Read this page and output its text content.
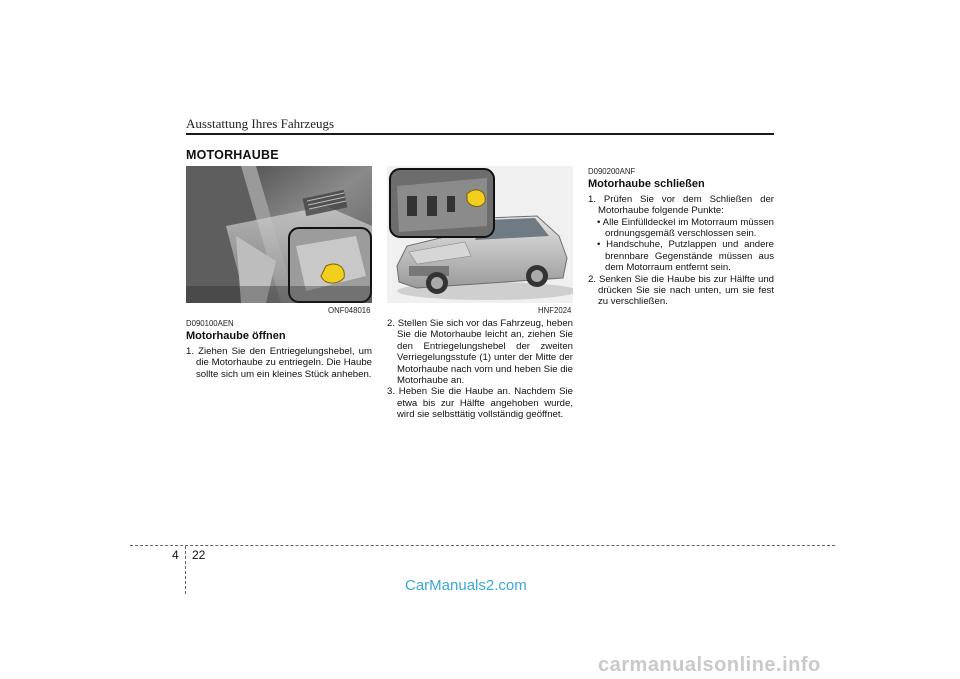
Ausstattung Ihres Fahrzeugs
MOTORHAUBE
ONF048016	HNF2024
D090100AEN
Motorhaube öffnen

1. Ziehen Sie den Entriegelungshebel, um die Motorhaube zu entriegeln. Die Haube sollte sich um ein kleines Stück anheben.

2. Stellen Sie sich vor das Fahrzeug, heben Sie die Motorhaube leicht an, ziehen Sie den Entriegelungshebel der zweiten Verriegelungsstufe (1) unter der Mitte der Motorhaube nach vorn und heben Sie die Motorhaube an.

3. Heben Sie die Haube an. Nachdem Sie etwa bis zur Hälfte angehoben wurde, wird sie selbsttätig vollständig geöffnet.

D090200ANF
Motorhaube schließen

1. Prüfen Sie vor dem Schließen der Motorhaube folgende Punkte:

• Alle Einfülldeckel im Motorraum müssen ordnungsgemäß verschlossen sein.

• Handschuhe, Putzlappen und andere brennbare Gegenstände müssen aus dem Motorraum entfernt sein.

2. Senken Sie die Haube bis zur Hälfte und drücken Sie sie nach unten, um sie fest zu verschließen.

4 22
CarManuals2.com
carmanualsonline.info
